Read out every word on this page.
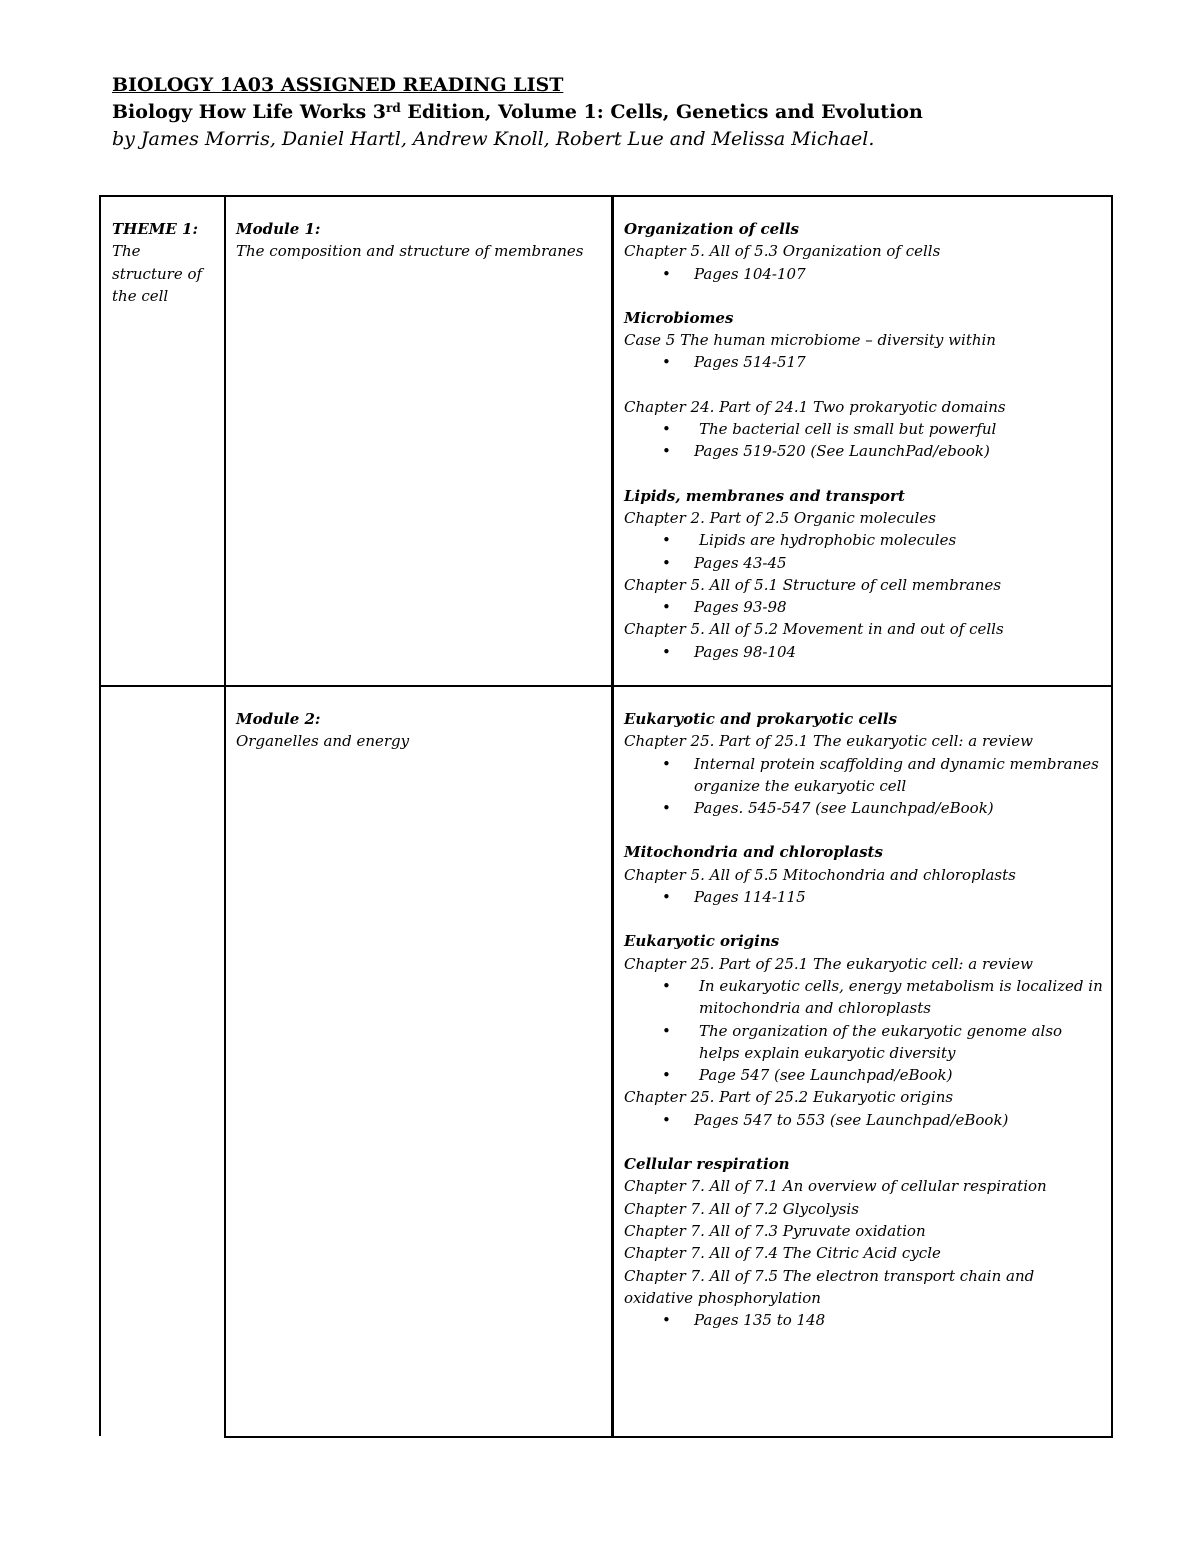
BIOLOGY 1A03 ASSIGNED READING LIST
Biology How Life Works 3rd Edition, Volume 1: Cells, Genetics and Evolution
by James Morris, Daniel Hartl, Andrew Knoll, Robert Lue and Melissa Michael.

THEME 1:

The

structure of

the cell

Module 1:

The composition and structure of membranes

Organization of cells

Chapter 5. All of 5.3 Organization of cells

• Pages 104-107

Microbiomes

Case 5 The human microbiome – diversity within

• Pages 514-517

Chapter 24. Part of 24.1 Two prokaryotic domains

• The bacterial cell is small but powerful

• Pages 519-520 (See LaunchPad/ebook)

Lipids, membranes and transport

Chapter 2. Part of 2.5 Organic molecules

• Lipids are hydrophobic molecules

• Pages 43-45

Chapter 5. All of 5.1 Structure of cell membranes

• Pages 93-98

Chapter 5. All of 5.2 Movement in and out of cells

• Pages 98-104

Module 2:

Organelles and energy

Eukaryotic and prokaryotic cells

Chapter 25. Part of 25.1 The eukaryotic cell: a review

• Internal protein scaffolding and dynamic membranes organize the eukaryotic cell

• Pages. 545-547 (see Launchpad/eBook)

Mitochondria and chloroplasts

Chapter 5. All of 5.5 Mitochondria and chloroplasts

• Pages 114-115

Eukaryotic origins

Chapter 25. Part of 25.1 The eukaryotic cell: a review

• In eukaryotic cells, energy metabolism is localized in mitochondria and chloroplasts

• The organization of the eukaryotic genome also helps explain eukaryotic diversity

• Page 547 (see Launchpad/eBook)

Chapter 25. Part of 25.2 Eukaryotic origins

• Pages 547 to 553 (see Launchpad/eBook)

Cellular respiration

Chapter 7. All of 7.1 An overview of cellular respiration

Chapter 7. All of 7.2 Glycolysis

Chapter 7. All of 7.3 Pyruvate oxidation

Chapter 7. All of 7.4 The Citric Acid cycle

Chapter 7. All of 7.5 The electron transport chain and oxidative phosphorylation

• Pages 135 to 148
